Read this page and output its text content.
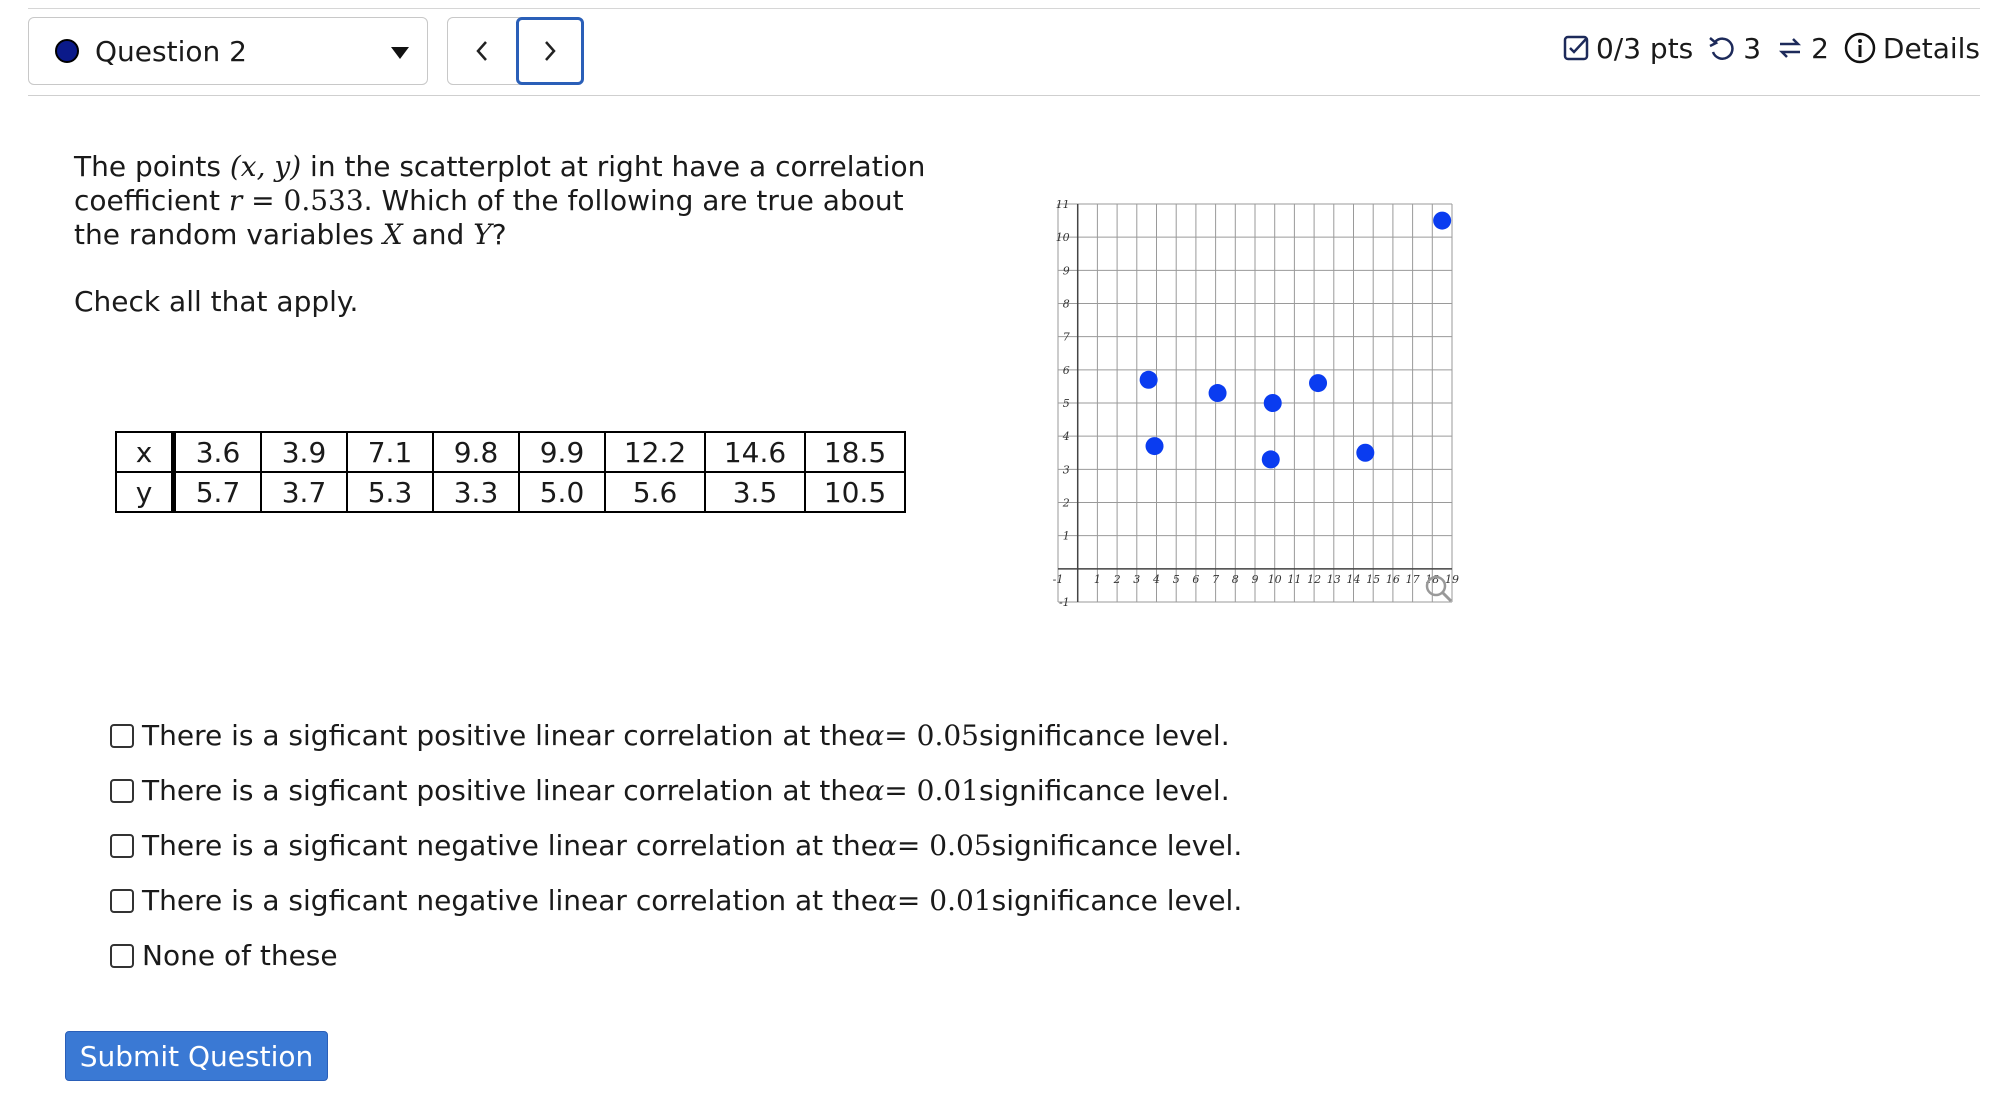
Question 2	0/3 pts 3 2 Details
The points (x, y) in the scatterplot at right have a correlation coefficient r = 0.533. Which of the following are true about the random variables X and Y?
Check all that apply.
x	3.6	3.9	7.1	9.8	9.9	12.2	14.6	18.5
y	5.7	3.7	5.3	3.3	5.0	5.6	3.5	10.5
-1	1 2 3 4 5 6 7 8 9 10 11 12 13 14 15 16 17 18 19
11
10
9
8
7
6
5
4
3
2
1
-1
There is a sigficant positive linear correlation at the α = 0.05 significance level.
There is a sigficant positive linear correlation at the α = 0.01 significance level.
There is a sigficant negative linear correlation at the α = 0.05 significance level.
There is a sigficant negative linear correlation at the α = 0.01 significance level.
None of these
Submit Question
